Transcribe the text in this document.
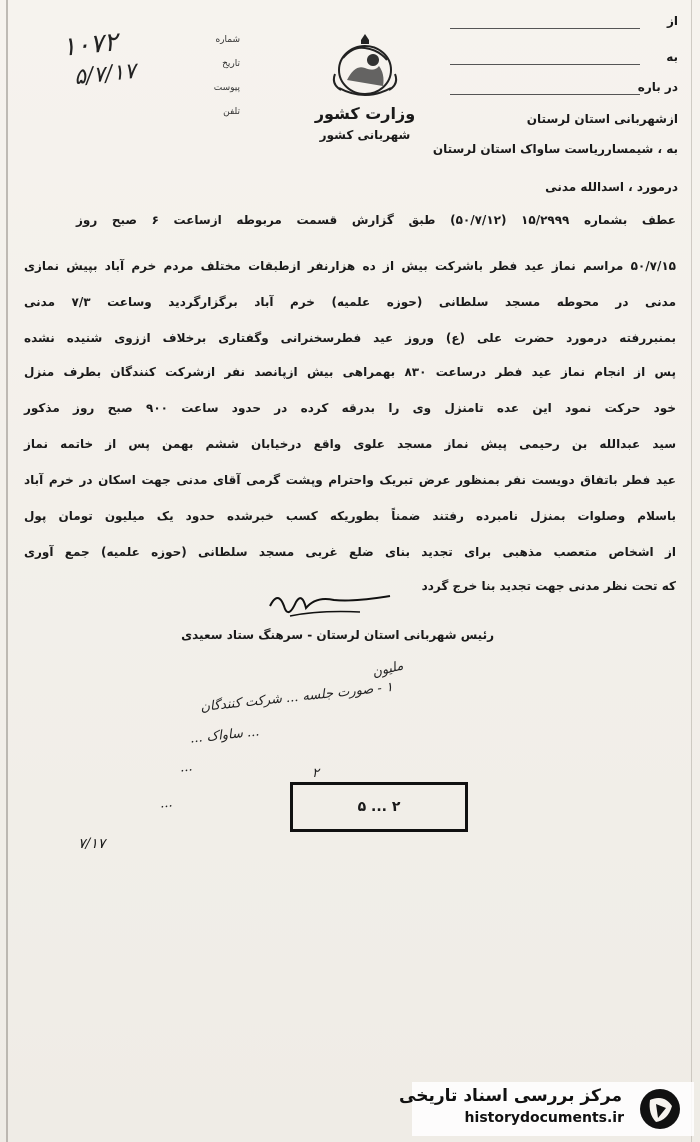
شماره
تاریخ
پیوست
تلفن
۱۰۷۲
۵/۷/۱۷
وزارت کشور
شهربانی کشور
از
به
در باره
ازشهربانی استان لرستان
به ، شیمسارریاست ساواک استان لرستان
درمورد ، اسدالله مدنی
عطف بشماره ۱۵/۲۹۹۹ (۵۰/۷/۱۲) طبق گزارش قسمت مربوطه ازساعت ۶ صبح روز
۵۰/۷/۱۵ مراسم نماز عید فطر باشرکت بیش از ده هزارنفر ازطبقات مختلف مردم خرم آباد بپیش نمازی
مدنی در محوطه مسجد سلطانی (حوزه علمیه) خرم آباد برگزارگردید وساعت ۷/۳ مدنی
بمنبررفته درمورد حضرت علی (ع) وروز عید فطرسخنرانی وگفتاری برخلاف اززوی شنیده نشده
پس از انجام نماز عید فطر درساعت ۸۳۰ بهمراهی بیش ازپانصد نفر ازشرکت کنندگان بطرف منزل
خود حرکت نمود این عده تامنزل وی را بدرقه کرده در حدود ساعت ۹۰۰ صبح روز مذکور
سید عبدالله بن رحیمی پیش نماز مسجد علوی واقع درخیابان ششم بهمن پس از خاتمه نماز
عید فطر باتفاق دویست نفر بمنظور عرض تبریک واحترام وپشت گرمی آقای مدنی جهت اسکان در خرم آباد
باسلام وصلوات بمنزل نامبرده رفتند ضمناً بطوریکه کسب خبرشده حدود یک میلیون تومان پول
از اشخاص متعصب مذهبی برای تجدید بنای ضلع غربی مسجد سلطانی (حوزه علمیه) جمع آوری
که تحت نظر مدنی جهت تجدید بنا خرج گردد
رئیس شهربانی استان لرستان - سرهنگ ستاد سعیدی
ملیون
۱ - صورت جلسه ... شرکت کنندگان
... ساواک ...
...
...
۲
۵ ... ۲
۷/۱۷
مرکز بررسی اسناد تاریخی
historydocuments.ir
